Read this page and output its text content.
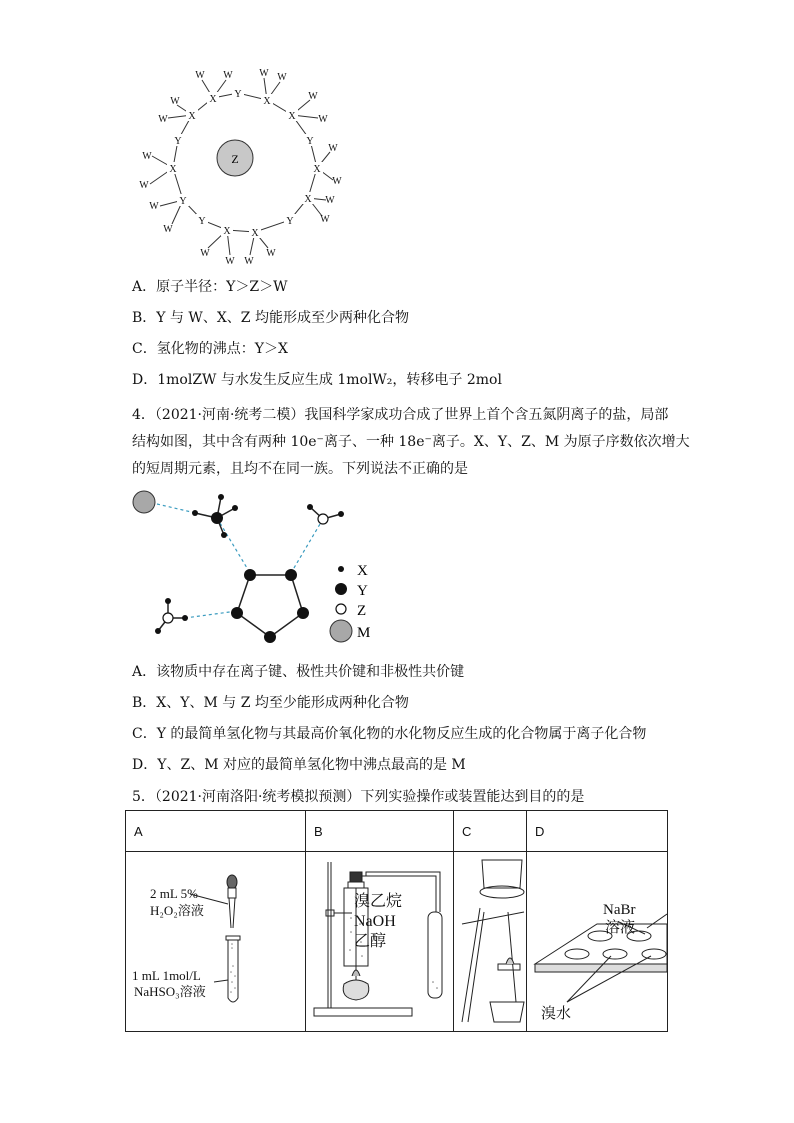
Z
X
X Y
X
X
Y
X
X
Y
X
X
Y
Y
X
Y
W
W
W W	W W
W
W
W
W
W
W
W
W
W
W
W
W
W
W
A．原子半径：Y＞Z＞W
B．Y 与 W、X、Z 均能形成至少两种化合物
C．氢化物的沸点：Y＞X
D．1molZW 与水发生反应生成 1molW₂，转移电子 2mol

4．（2021·河南·统考二模）我国科学家成功合成了世界上首个含五氮阴离子的盐，局部

结构如图，其中含有两种 10e⁻离子、一种 18e⁻离子。X、Y、Z、M 为原子序数依次增大

的短周期元素，且均不在同一族。下列说法不正确的是

X
Y
Z
M
A．该物质中存在离子键、极性共价键和非极性共价键
B．X、Y、M 与 Z 均至少能形成两种化合物
C．Y 的最简单氢化物与其最高价氧化物的水化物反应生成的化合物属于离子化合物
D．Y、Z、M 对应的最简单氢化物中沸点最高的是 M
5．（2021·河南洛阳·统考模拟预测）下列实验操作或装置能达到目的的是
A	B	C	D

2 mL 5%
H₂O₂溶液
1 mL 1mol/L
NaHSO₃溶液	溴乙烷
NaOH
乙醇		NaBr
溶液
溴水
